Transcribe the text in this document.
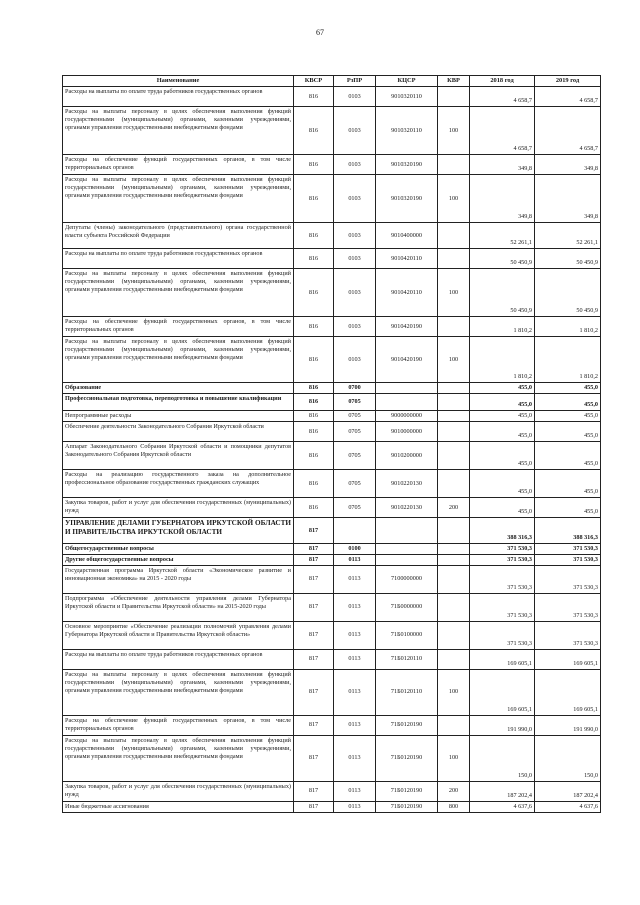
67
Наименование	КВСР	РзПР	КЦСР	КВР	2018 год	2019 год
Расходы на выплаты по оплате труда работников государственных органов	816	0103	9010320110		4 658,7	4 658,7
Расходы на выплаты персоналу в целях обеспечения выполнения функций государственными (муниципальными) органами, казенными учреждениями, органами управления государственными внебюджетными фондами	816	0103	9010320110	100	4 658,7	4 658,7
Расходы на обеспечение функций государственных органов, в том числе территориальных органов	816	0103	9010320190		349,8	349,8
Расходы на выплаты персоналу в целях обеспечения выполнения функций государственными (муниципальными) органами, казенными учреждениями, органами управления государственными внебюджетными фондами	816	0103	9010320190	100	349,8	349,8
Депутаты (члены) законодательного (представительного) органа государственной власти субъекта Российской Федерации	816	0103	9010400000		52 261,1	52 261,1
Расходы на выплаты по оплате труда работников государственных органов	816	0103	9010420110		50 450,9	50 450,9
Расходы на выплаты персоналу в целях обеспечения выполнения функций государственными (муниципальными) органами, казенными учреждениями, органами управления государственными внебюджетными фондами	816	0103	9010420110	100	50 450,9	50 450,9
Расходы на обеспечение функций государственных органов, в том числе территориальных органов	816	0103	9010420190		1 810,2	1 810,2
Расходы на выплаты персоналу в целях обеспечения выполнения функций государственными (муниципальными) органами, казенными учреждениями, органами управления государственными внебюджетными фондами	816	0103	9010420190	100	1 810,2	1 810,2
Образование	816	0700			455,0	455,0
Профессиональная подготовка, переподготовка и повышение квалификации	816	0705			455,0	455,0
Непрограммные расходы	816	0705	9000000000		455,0	455,0
Обеспечение деятельности Законодательного Собрания Иркутской области	816	0705	9010000000		455,0	455,0
Аппарат Законодательного Собрания Иркутской области и помощники депутатов Законодательного Собрания Иркутской области	816	0705	9010200000		455,0	455,0
Расходы на реализацию государственного заказа на дополнительное профессиональное образование государственных гражданских служащих	816	0705	9010220130		455,0	455,0
Закупка товаров, работ и услуг для обеспечения государственных (муниципальных) нужд	816	0705	9010220130	200	455,0	455,0
УПРАВЛЕНИЕ ДЕЛАМИ ГУБЕРНАТОРА ИРКУТСКОЙ ОБЛАСТИ И ПРАВИТЕЛЬСТВА ИРКУТСКОЙ ОБЛАСТИ	817				388 316,3	388 316,3
Общегосударственные вопросы	817	0100			371 530,3	371 530,3
Другие общегосударственные вопросы	817	0113			371 530,3	371 530,3
Государственная программа Иркутской области «Экономическое развитие и инновационная экономика» на 2015 - 2020 годы	817	0113	7100000000		371 530,3	371 530,3
Подпрограмма «Обеспечение деятельности управления делами Губернатора Иркутской области и Правительства Иркутской области» на 2015-2020 годы	817	0113	71Б0000000		371 530,3	371 530,3
Основное мероприятие «Обеспечение реализации полномочий управления делами Губернатора Иркутской области и Правительства Иркутской области»	817	0113	71Б0100000		371 530,3	371 530,3
Расходы на выплаты по оплате труда работников государственных органов	817	0113	71Б0120110		169 605,1	169 605,1
Расходы на выплаты персоналу в целях обеспечения выполнения функций государственными (муниципальными) органами, казенными учреждениями, органами управления государственными внебюджетными фондами	817	0113	71Б0120110	100	169 605,1	169 605,1
Расходы на обеспечение функций государственных органов, в том числе территориальных органов	817	0113	71Б0120190		191 990,0	191 990,0
Расходы на выплаты персоналу в целях обеспечения выполнения функций государственными (муниципальными) органами, казенными учреждениями, органами управления государственными внебюджетными фондами	817	0113	71Б0120190	100	150,0	150,0
Закупка товаров, работ и услуг для обеспечения государственных (муниципальных) нужд	817	0113	71Б0120190	200	187 202,4	187 202,4
Иные бюджетные ассигнования	817	0113	71Б0120190	800	4 637,6	4 637,6
